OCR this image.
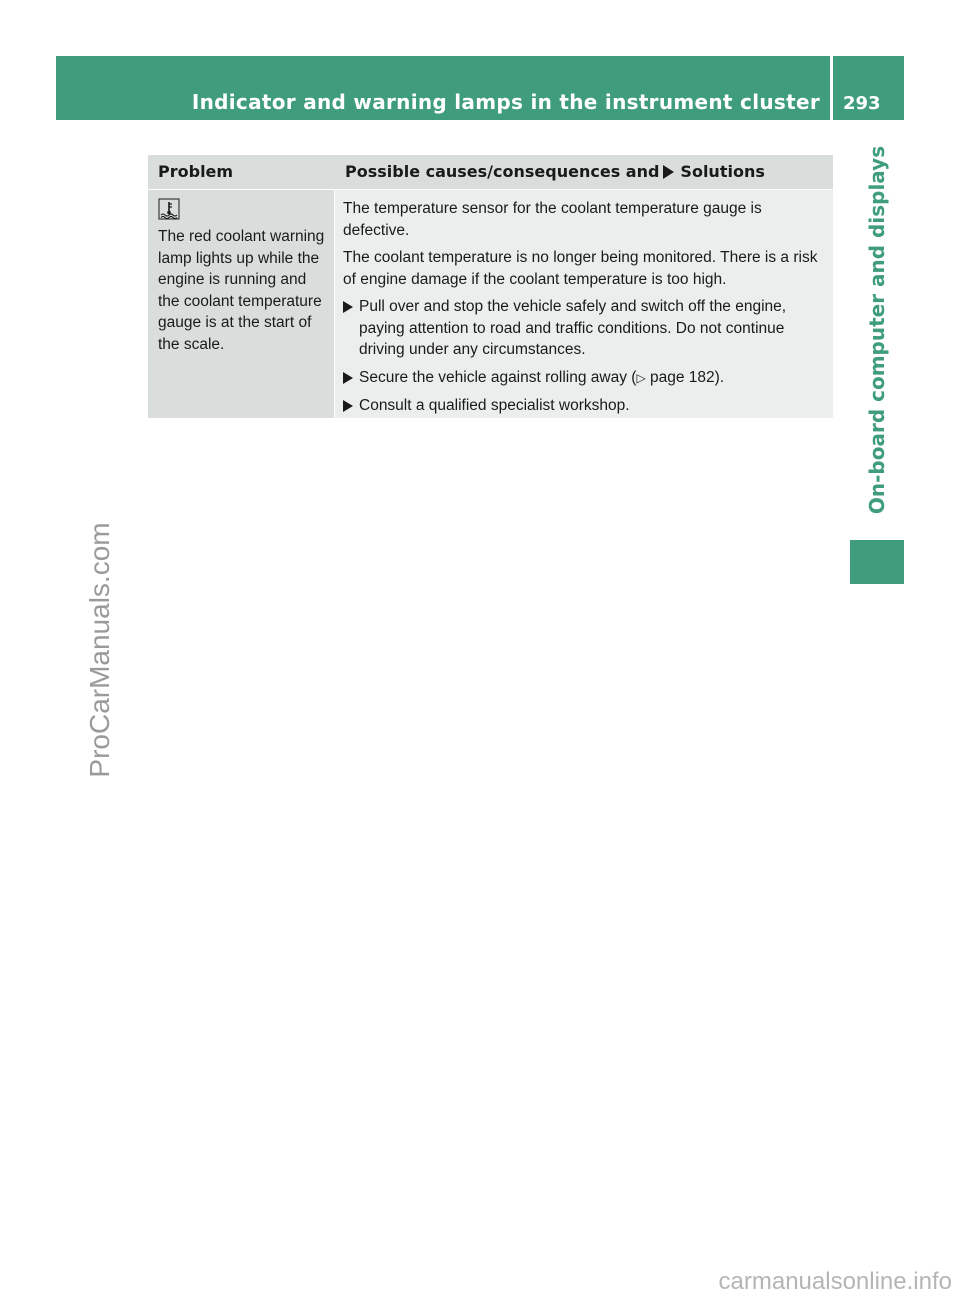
Indicator and warning lamps in the instrument cluster 293
On-board computer and displays
Problem	Possible causes/consequences and Solutions
The red coolant warning lamp lights up while the engine is running and the coolant temperature gauge is at the start of the scale.

The temperature sensor for the coolant temperature gauge is defective.

The coolant temperature is no longer being monitored. There is a risk of engine damage if the coolant temperature is too high.

Pull over and stop the vehicle safely and switch off the engine, paying attention to road and traffic conditions. Do not continue driving under any circumstances.
Secure the vehicle against rolling away (▷ page 182).
Consult a qualified specialist workshop.
ProCarManuals.com
carmanualsonline.info
